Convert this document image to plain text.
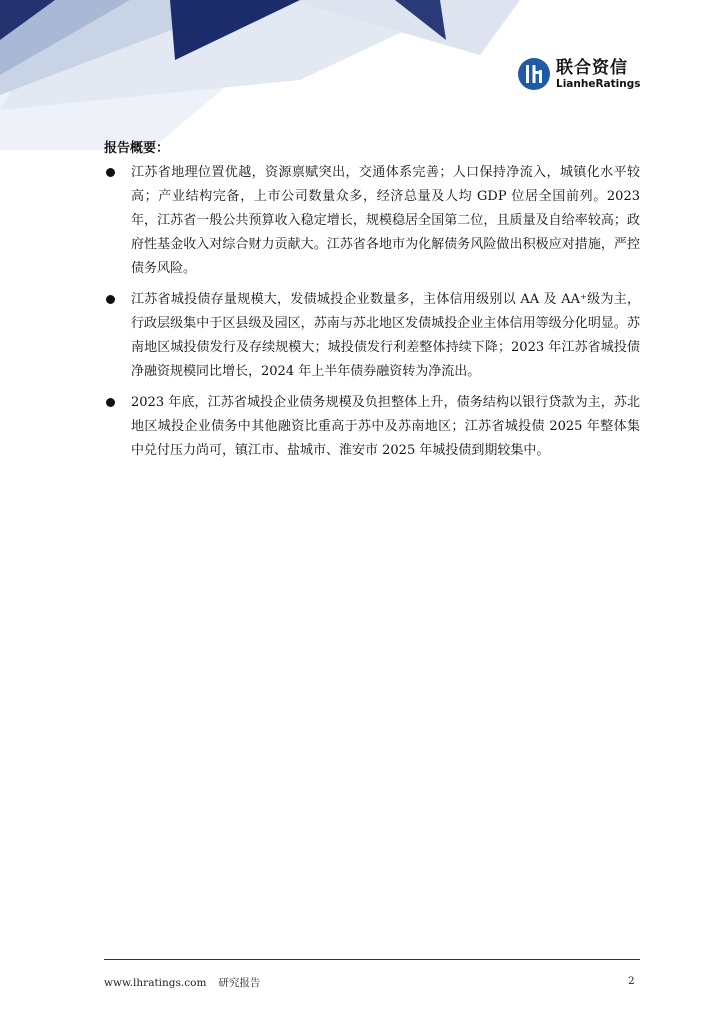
联合资信
LianheRatings
报告概要：
江苏省地理位置优越，资源禀赋突出，交通体系完善；人口保持净流入，城镇化水平较高；产业结构完备，上市公司数量众多，经济总量及人均 GDP 位居全国前列。2023 年，江苏省一般公共预算收入稳定增长，规模稳居全国第二位，且质量及自给率较高；政府性基金收入对综合财力贡献大。江苏省各地市为化解债务风险做出积极应对措施，严控债务风险。
江苏省城投债存量规模大，发债城投企业数量多，主体信用级别以 AA 及 AA⁺级为主，行政层级集中于区县级及园区，苏南与苏北地区发债城投企业主体信用等级分化明显。苏南地区城投债发行及存续规模大；城投债发行利差整体持续下降；2023 年江苏省城投债净融资规模同比增长，2024 年上半年债券融资转为净流出。
2023 年底，江苏省城投企业债务规模及负担整体上升，债务结构以银行贷款为主，苏北地区城投企业债务中其他融资比重高于苏中及苏南地区；江苏省城投债 2025 年整体集中兑付压力尚可，镇江市、盐城市、淮安市 2025 年城投债到期较集中。
www.lhratings.com 研究报告	2
